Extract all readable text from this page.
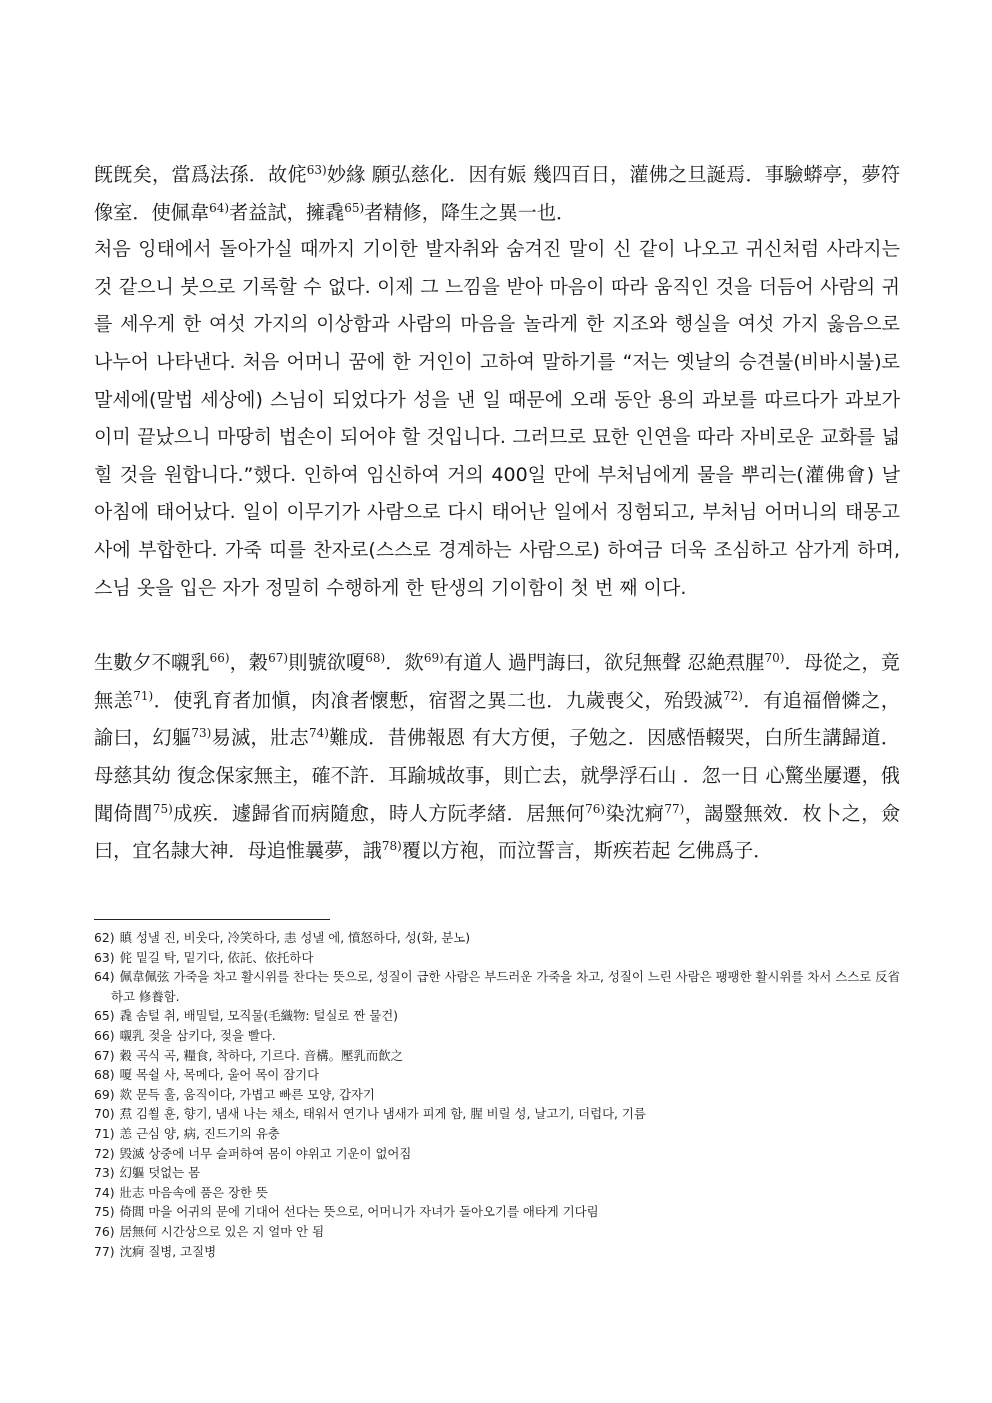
旣旣矣，當爲法孫．故侂$^{63)}$妙緣 願弘慈化．因有娠 幾四百日，灌佛之旦誕焉．事驗蟒亭，夢符像室．使佩韋$^{64)}$者益試，擁毳$^{65)}$者精修，降生之異一也．

처음 잉태에서 돌아가실 때까지 기이한 발자취와 숨겨진 말이 신 같이 나오고 귀신처럼 사라지는 것 같으니 붓으로 기록할 수 없다. 이제 그 느낌을 받아 마음이 따라 움직인 것을 더듬어 사람의 귀를 세우게 한 여섯 가지의 이상함과 사람의 마음을 놀라게 한 지조와 행실을 여섯 가지 옳음으로 나누어 나타낸다. 처음 어머니 꿈에 한 거인이 고하여 말하기를 “저는 옛날의 승견불(비바시불)로 말세에(말법 세상에) 스님이 되었다가 성을 낸 일 때문에 오래 동안 용의 과보를 따르다가 과보가 이미 끝났으니 마땅히 법손이 되어야 할 것입니다. 그러므로 묘한 인연을 따라 자비로운 교화를 넓힐 것을 원합니다.”했다. 인하여 임신하여 거의 400일 만에 부처님에게 물을 뿌리는(灌佛會) 날 아침에 태어났다. 일이 이무기가 사람으로 다시 태어난 일에서 징험되고, 부처님 어머니의 태몽고사에 부합한다. 가죽 띠를 찬자로(스스로 경계하는 사람으로) 하여금 더욱 조심하고 삼가게 하며, 스님 옷을 입은 자가 정밀히 수행하게 한 탄생의 기이함이 첫 번 째 이다.

生數夕不嚫乳$^{66)}$，穀$^{67)}$則號欲嗄$^{68)}$．欻$^{69)}$有道人 過門誨曰，欲兒無聲 忍絶焄腥$^{70)}$．母從之，竟無恙$^{71)}$．使乳育者加愼，肉飡者懷慙，宿習之異二也．九歲喪父，殆毁滅$^{72)}$．有追福僧憐之，諭曰，幻軀$^{73)}$易滅，壯志$^{74)}$難成．昔佛報恩 有大方便，子勉之．因感悟輟哭，白所生講歸道．母慈其幼 復念保家無主，確不許．耳踰城故事，則亡去，就學浮石山 ．忽一日 心驚坐屢遷，俄聞倚閭$^{75)}$成疾．遽歸省而病隨愈，時人方阮孝緖．居無何$^{76)}$染沈痾$^{77)}$，謁毉無效．枚卜之，僉曰，宜名隷大神．母追惟曩夢，誐$^{78)}$覆以方袍，而泣誓言，斯疾若起 乞佛爲子．

62) 瞋 성낼 진, 비웃다, 冷笑하다, 恚 성낼 에, 憤怒하다, 성(화, 분노)
63) 侂 밑길 탁, 밑기다, 依託、依托하다
64) 佩韋佩弦 가죽을 차고 활시위를 찬다는 뜻으로, 성질이 급한 사람은 부드러운 가죽을 차고, 성질이 느린 사람은 팽팽한 활시위를 차서 스스로 反省하고 修養함.
65) 毳 솜털 취, 배밀털, 모직물(毛織物: 털실로 짠 물건)
66) 嚫乳 젖을 삼키다, 젖을 빨다.
67) 穀 곡식 곡, 糧食, 착하다, 기르다. 音構。壓乳而飮之
68) 嗄 목쉴 사, 목메다, 울어 목이 잠기다
69) 欻 문득 훌, 움직이다, 가볍고 빠른 모양, 갑자기
70) 焄 김쐴 훈, 향기, 냄새 나는 채소, 태워서 연기나 냄새가 피게 함, 腥 비릴 성, 날고기, 더럽다, 기름
71) 恙 근심 양, 病, 진드기의 유충
72) 毁滅 상중에 너무 슬퍼하여 몸이 야위고 기운이 없어짐
73) 幻軀 덧없는 몸
74) 壯志 마음속에 품은 장한 뜻
75) 倚閭 마을 어귀의 문에 기대어 선다는 뜻으로, 어머니가 자녀가 돌아오기를 애타게 기다림
76) 居無何 시간상으로 있은 지 얼마 안 됨
77) 沈痾 질병, 고질병
